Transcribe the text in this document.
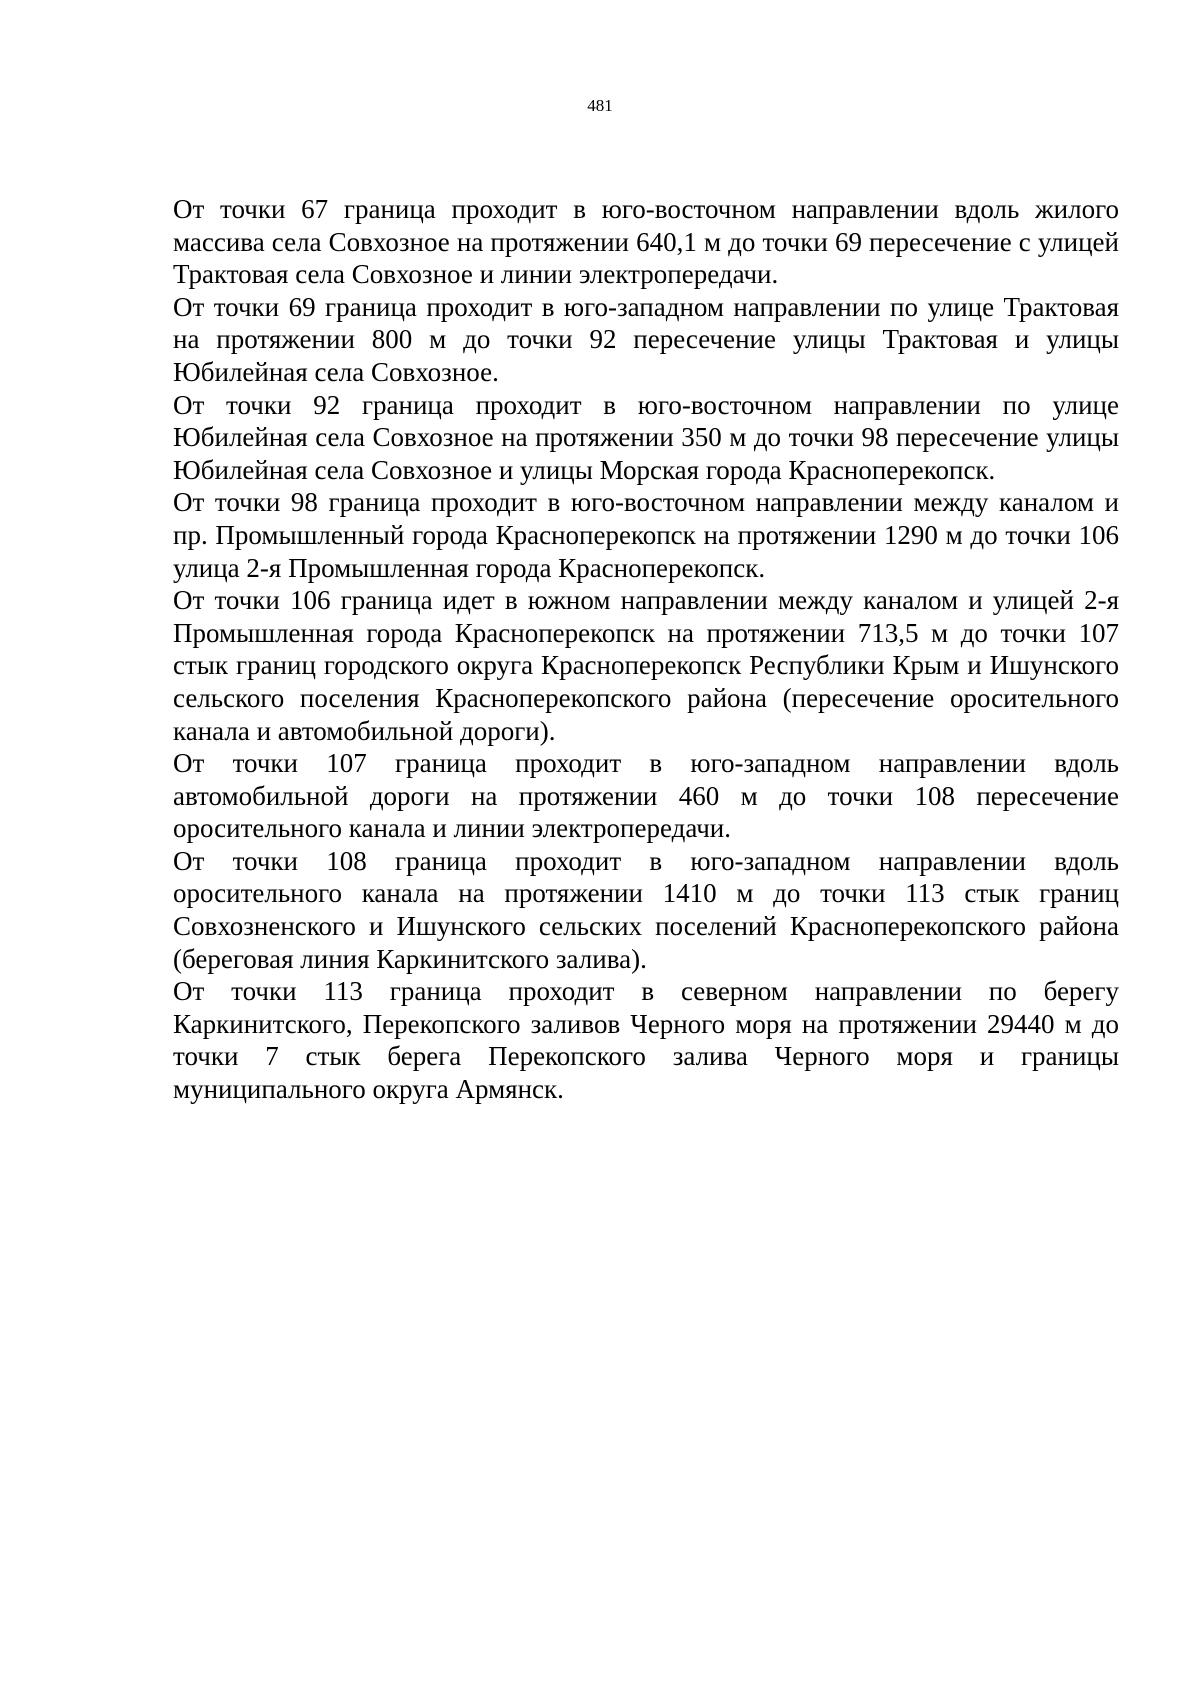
481

От точки 67 граница проходит в юго-восточном направлении вдоль жилого массива села Совхозное на протяжении 640,1 м до точки 69 пересечение с улицей Трактовая села Совхозное и линии электропередачи.

От точки 69 граница проходит в юго-западном направлении по улице Трактовая на протяжении 800 м до точки 92 пересечение улицы Трактовая и улицы Юбилейная села Совхозное.

От точки 92 граница проходит в юго-восточном направлении по улице Юбилейная села Совхозное на протяжении 350 м до точки 98 пересечение улицы Юбилейная села Совхозное и улицы Морская города Красноперекопск.

От точки 98 граница проходит в юго-восточном направлении между каналом и пр. Промышленный города Красноперекопск на протяжении 1290 м до точки 106 улица 2-я Промышленная города Красноперекопск.

От точки 106 граница идет в южном направлении между каналом и улицей 2-я Промышленная города Красноперекопск на протяжении 713,5 м до точки 107 стык границ городского округа Красноперекопск Республики Крым и Ишунского сельского поселения Красноперекопского района (пересечение оросительного канала и автомобильной дороги).

От точки 107 граница проходит в юго-западном направлении вдоль автомобильной дороги на протяжении 460 м до точки 108 пересечение оросительного канала и линии электропередачи.

От точки 108 граница проходит в юго-западном направлении вдоль оросительного канала на протяжении 1410 м до точки 113 стык границ Совхозненского и Ишунского сельских поселений Красноперекопского района (береговая линия Каркинитского залива).

От точки 113 граница проходит в северном направлении по берегу Каркинитского, Перекопского заливов Черного моря на протяжении 29440 м до точки 7 стык берега Перекопского залива Черного моря и границы муниципального округа Армянск.
